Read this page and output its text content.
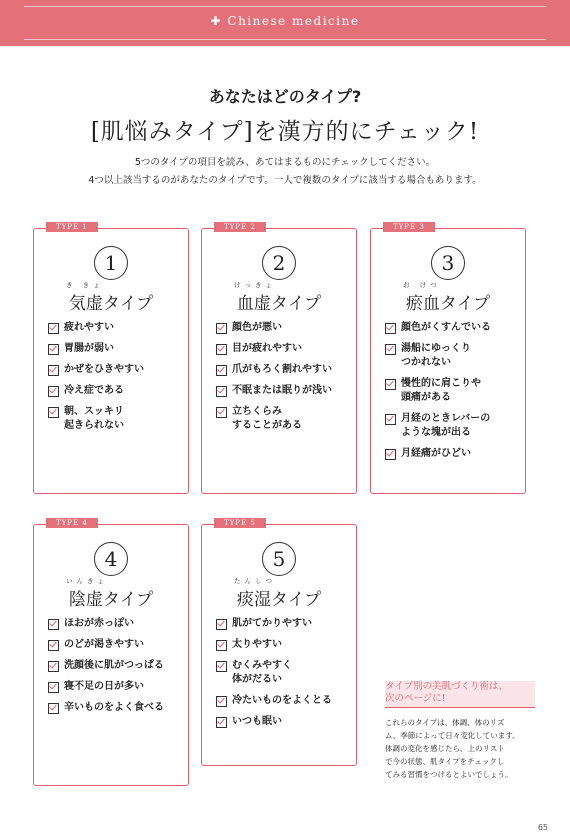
✚ Chinese medicine
あなたはどのタイプ?
[肌悩みタイプ]を漢方的にチェック!
5つのタイプの項目を読み、あてはまるものにチェックしてください。
4つ以上該当するのがあなたのタイプです。一人で複数のタイプに該当する場合もあります。
TYPE 1
1
き きょ
気虚タイプ
疲れやすい
胃腸が弱い
かぜをひきやすい
冷え症である
朝、スッキリ
起きられない
TYPE 2
2
けっきょ
血虚タイプ
顔色が悪い
目が疲れやすい
爪がもろく割れやすい
不眠または眠りが浅い
立ちくらみ
することがある
TYPE 3
3
お けつ
瘀血タイプ
顔色がくすんでいる
湯船にゆっくり
つかれない
慢性的に肩こりや
頭痛がある
月経のときレバーの
ような塊が出る
月経痛がひどい
TYPE 4
4
いんきょ
陰虚タイプ
ほおが赤っぽい
のどが渇きやすい
洗顔後に肌がつっぱる
寝不足の日が多い
辛いものをよく食べる
TYPE 5
5
たんしつ
痰湿タイプ
肌がてかりやすい
太りやすい
むくみやすく
体がだるい
冷たいものをよくとる
いつも眠い
タイプ別の美肌づくり術は、
次のページに!
これらのタイプは、体調、体のリズ
ム、季節によって日々変化しています。
体調の変化を感じたら、上のリスト
で今の状態、肌タイプをチェックし
てみる習慣をつけるとよいでしょう。
65
